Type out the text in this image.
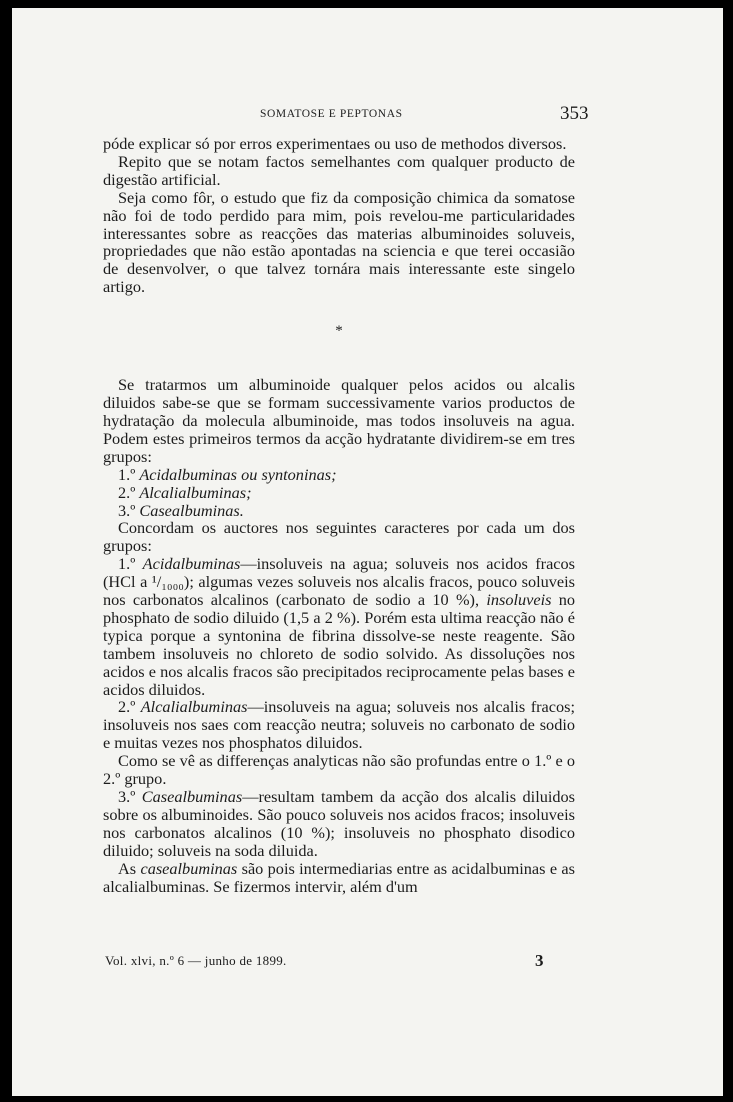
SOMATOSE E PEPTONAS	353

póde explicar só por erros experimentaes ou uso de methodos diversos.

Repito que se notam factos semelhantes com qualquer producto de digestão artificial.

Seja como fôr, o estudo que fiz da composição chimica da somatose não foi de todo perdido para mim, pois revelou-me particularidades interessantes sobre as reacções das materias albuminoides soluveis, propriedades que não estão apontadas na sciencia e que terei occasião de desenvolver, o que talvez tornára mais interessante este singelo artigo.

*

Se tratarmos um albuminoide qualquer pelos acidos ou alcalis diluidos sabe-se que se formam successivamente varios productos de hydratação da molecula albuminoide, mas todos insoluveis na agua. Podem estes primeiros termos da acção hydratante dividirem-se em tres grupos:

1.º Acidalbuminas ou syntoninas;

2.º Alcalialbuminas;

3.º Casealbuminas.

Concordam os auctores nos seguintes caracteres por cada um dos grupos:

1.º Acidalbuminas—insoluveis na agua; soluveis nos acidos fracos (HCl a ¹/₁₀₀₀); algumas vezes soluveis nos alcalis fracos, pouco soluveis nos carbonatos alcalinos (carbonato de sodio a 10 %), insoluveis no phosphato de sodio diluido (1,5 a 2 %). Porém esta ultima reacção não é typica porque a syntonina de fibrina dissolve-se neste reagente. São tambem insoluveis no chloreto de sodio solvido. As dissoluções nos acidos e nos alcalis fracos são precipitados reciprocamente pelas bases e acidos diluidos.

2.º Alcalialbuminas—insoluveis na agua; soluveis nos alcalis fracos; insoluveis nos saes com reacção neutra; soluveis no carbonato de sodio e muitas vezes nos phosphatos diluidos.

Como se vê as differenças analyticas não são profundas entre o 1.º e o 2.º grupo.

3.º Casealbuminas—resultam tambem da acção dos alcalis diluidos sobre os albuminoides. São pouco soluveis nos acidos fracos; insoluveis nos carbonatos alcalinos (10 %); insoluveis no phosphato disodico diluido; soluveis na soda diluida.

As casealbuminas são pois intermediarias entre as acidalbuminas e as alcalialbuminas. Se fizermos intervir, além d'um

Vol. xlvi, n.º 6 — junho de 1899.	3
